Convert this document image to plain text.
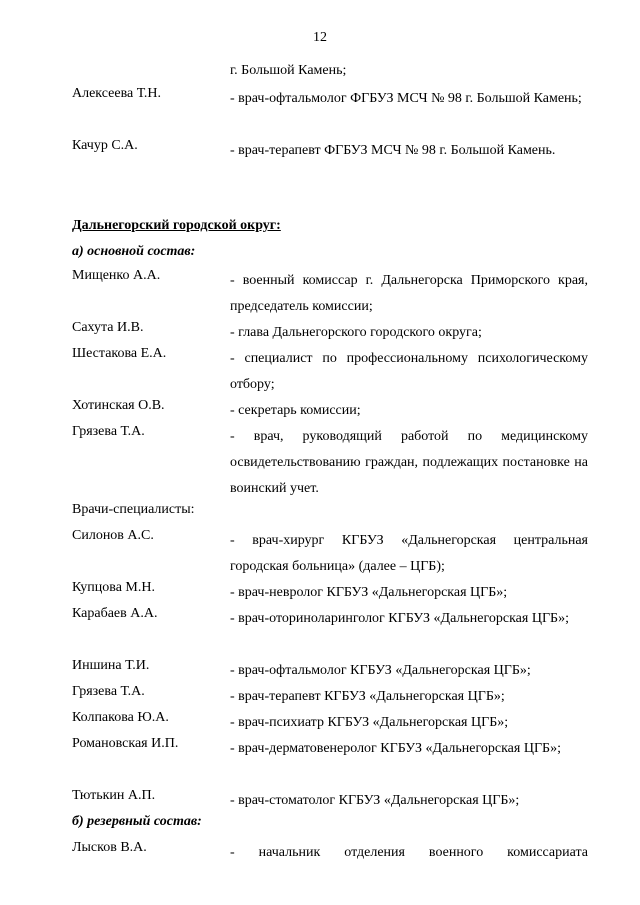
12
г. Большой Камень;
Алексеева Т.Н.	- врач-офтальмолог ФГБУЗ МСЧ № 98 г. Большой Камень;
Качур С.А.	- врач-терапевт ФГБУЗ МСЧ № 98 г. Большой Камень.
Дальнегорский городской округ:
а) основной состав:
Мищенко А.А.	- военный комиссар г. Дальнегорска Приморского края, председатель комиссии;
Сахута И.В.	- глава Дальнегорского городского округа;
Шестакова Е.А.	- специалист по профессиональному психологическому отбору;
Хотинская О.В.	- секретарь комиссии;
Грязева Т.А.	- врач, руководящий работой по медицинскому освидетельствованию граждан, подлежащих постановке на воинский учет.
Врачи-специалисты:
Силонов А.С.	- врач-хирург КГБУЗ «Дальнегорская центральная городская больница» (далее – ЦГБ);
Купцова М.Н.	- врач-невролог КГБУЗ «Дальнегорская ЦГБ»;
Карабаев А.А.	- врач-оториноларинголог КГБУЗ «Дальнегорская ЦГБ»;
Иншина Т.И.	- врач-офтальмолог КГБУЗ «Дальнегорская ЦГБ»;
Грязева Т.А.	- врач-терапевт КГБУЗ «Дальнегорская ЦГБ»;
Колпакова Ю.А.	- врач-психиатр КГБУЗ «Дальнегорская ЦГБ»;
Романовская И.П.	- врач-дерматовенеролог КГБУЗ «Дальнегорская ЦГБ»;
Тютькин А.П.	- врач-стоматолог КГБУЗ «Дальнегорская ЦГБ»;
б) резервный состав:
Лысков В.А.	- начальник отделения военного комиссариата
